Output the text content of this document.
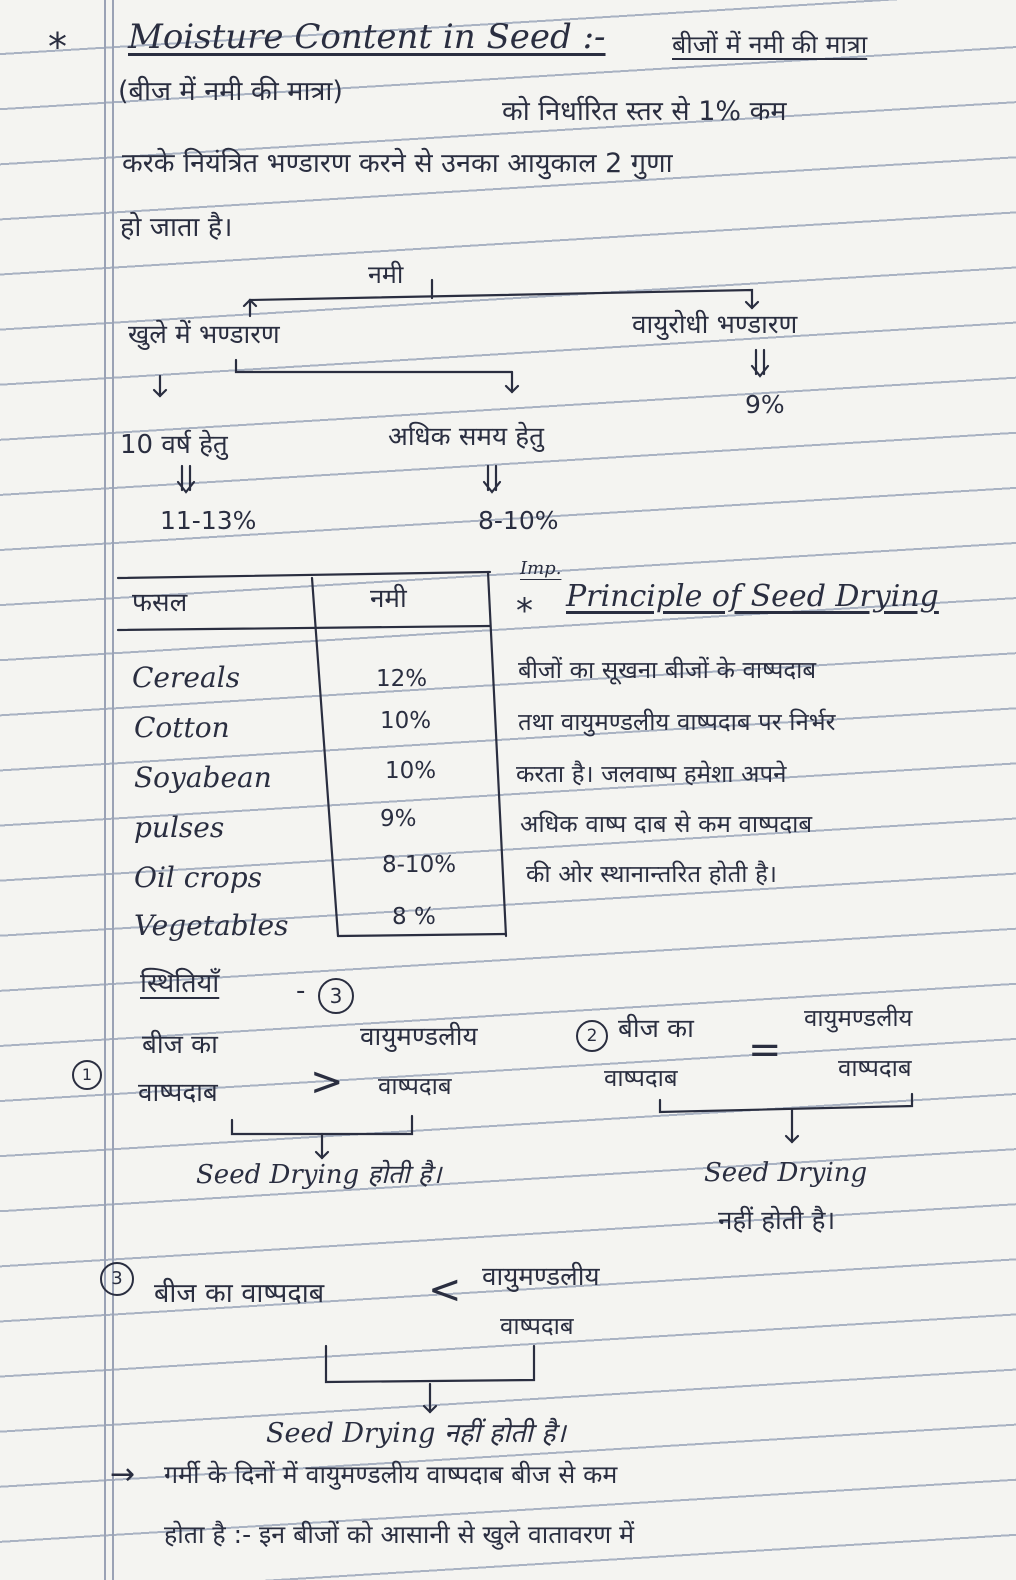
* Moisture Content in Seed :-	बीजों में नमी की मात्रा
(बीज में नमी की मात्रा)
को निर्धारित स्तर से 1% कम
करके नियंत्रित भण्डारण करने से उनका आयुकाल 2 गुणा
हो जाता है।
नमी
खुले में भण्डारण	वायुरोधी भण्डारण
9%
10 वर्ष हेतु	अधिक समय हेतु
11-13%	8-10%
फसल	नमी
Cereals	12%
Cotton	10%
Soyabean	10%
pulses	9%
Oil crops	8-10%
Vegetables	8 %
Imp.
* Principle of Seed Drying
बीजों का सूखना बीजों के वाष्पदाब
तथा वायुमण्डलीय वाष्पदाब पर निर्भर
करता है। जलवाष्प हमेशा अपने
अधिक वाष्प दाब से कम वाष्पदाब
की ओर स्थानान्तरित होती है।
स्थितियाँ	-	3
1
बीज का
वाष्पदाब >
वायुमण्डलीय
वाष्पदाब
Seed Drying होती है।
2 बीज का
वाष्पदाब
=
वायुमण्डलीय
वाष्पदाब
Seed Drying
नहीं होती है।
3	बीज का वाष्पदाब	< वायुमण्डलीय
वाष्पदाब
Seed Drying नहीं होती है।
→ गर्मी के दिनों में वायुमण्डलीय वाष्पदाब बीज से कम
होता है :- इन बीजों को आसानी से खुले वातावरण में
